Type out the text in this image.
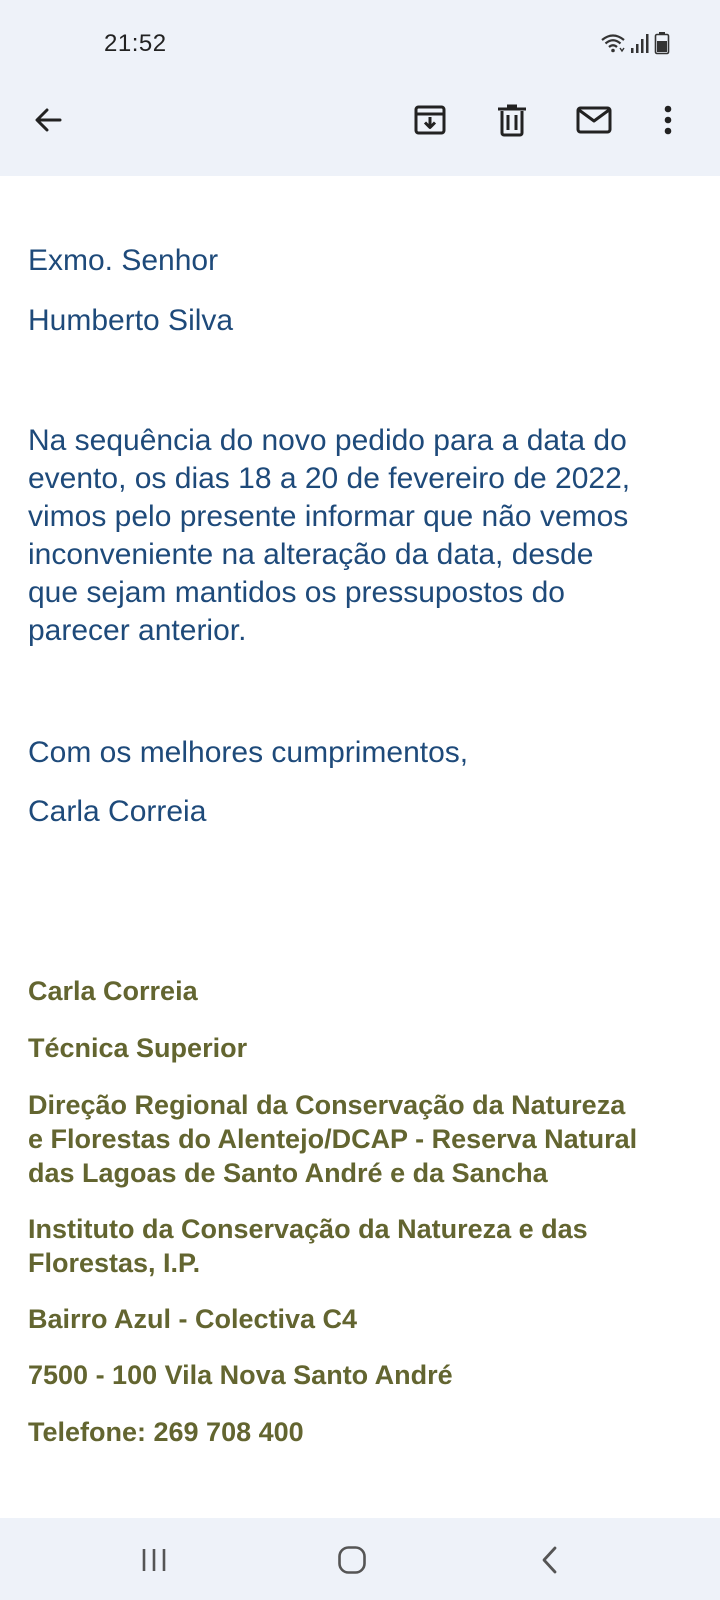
21:52
Exmo. Senhor
Humberto Silva
Na sequência do novo pedido para a data do
evento, os dias 18 a 20 de fevereiro de 2022,
vimos pelo presente informar que não vemos
inconveniente na alteração da data, desde
que sejam mantidos os pressupostos do
parecer anterior.
Com os melhores cumprimentos,
Carla Correia
Carla Correia
Técnica Superior
Direção Regional da Conservação da Natureza
e Florestas do Alentejo/DCAP - Reserva Natural
das Lagoas de Santo André e da Sancha
Instituto da Conservação da Natureza e das
Florestas, I.P.
Bairro Azul - Colectiva C4
7500 - 100 Vila Nova Santo André
Telefone: 269 708 400
